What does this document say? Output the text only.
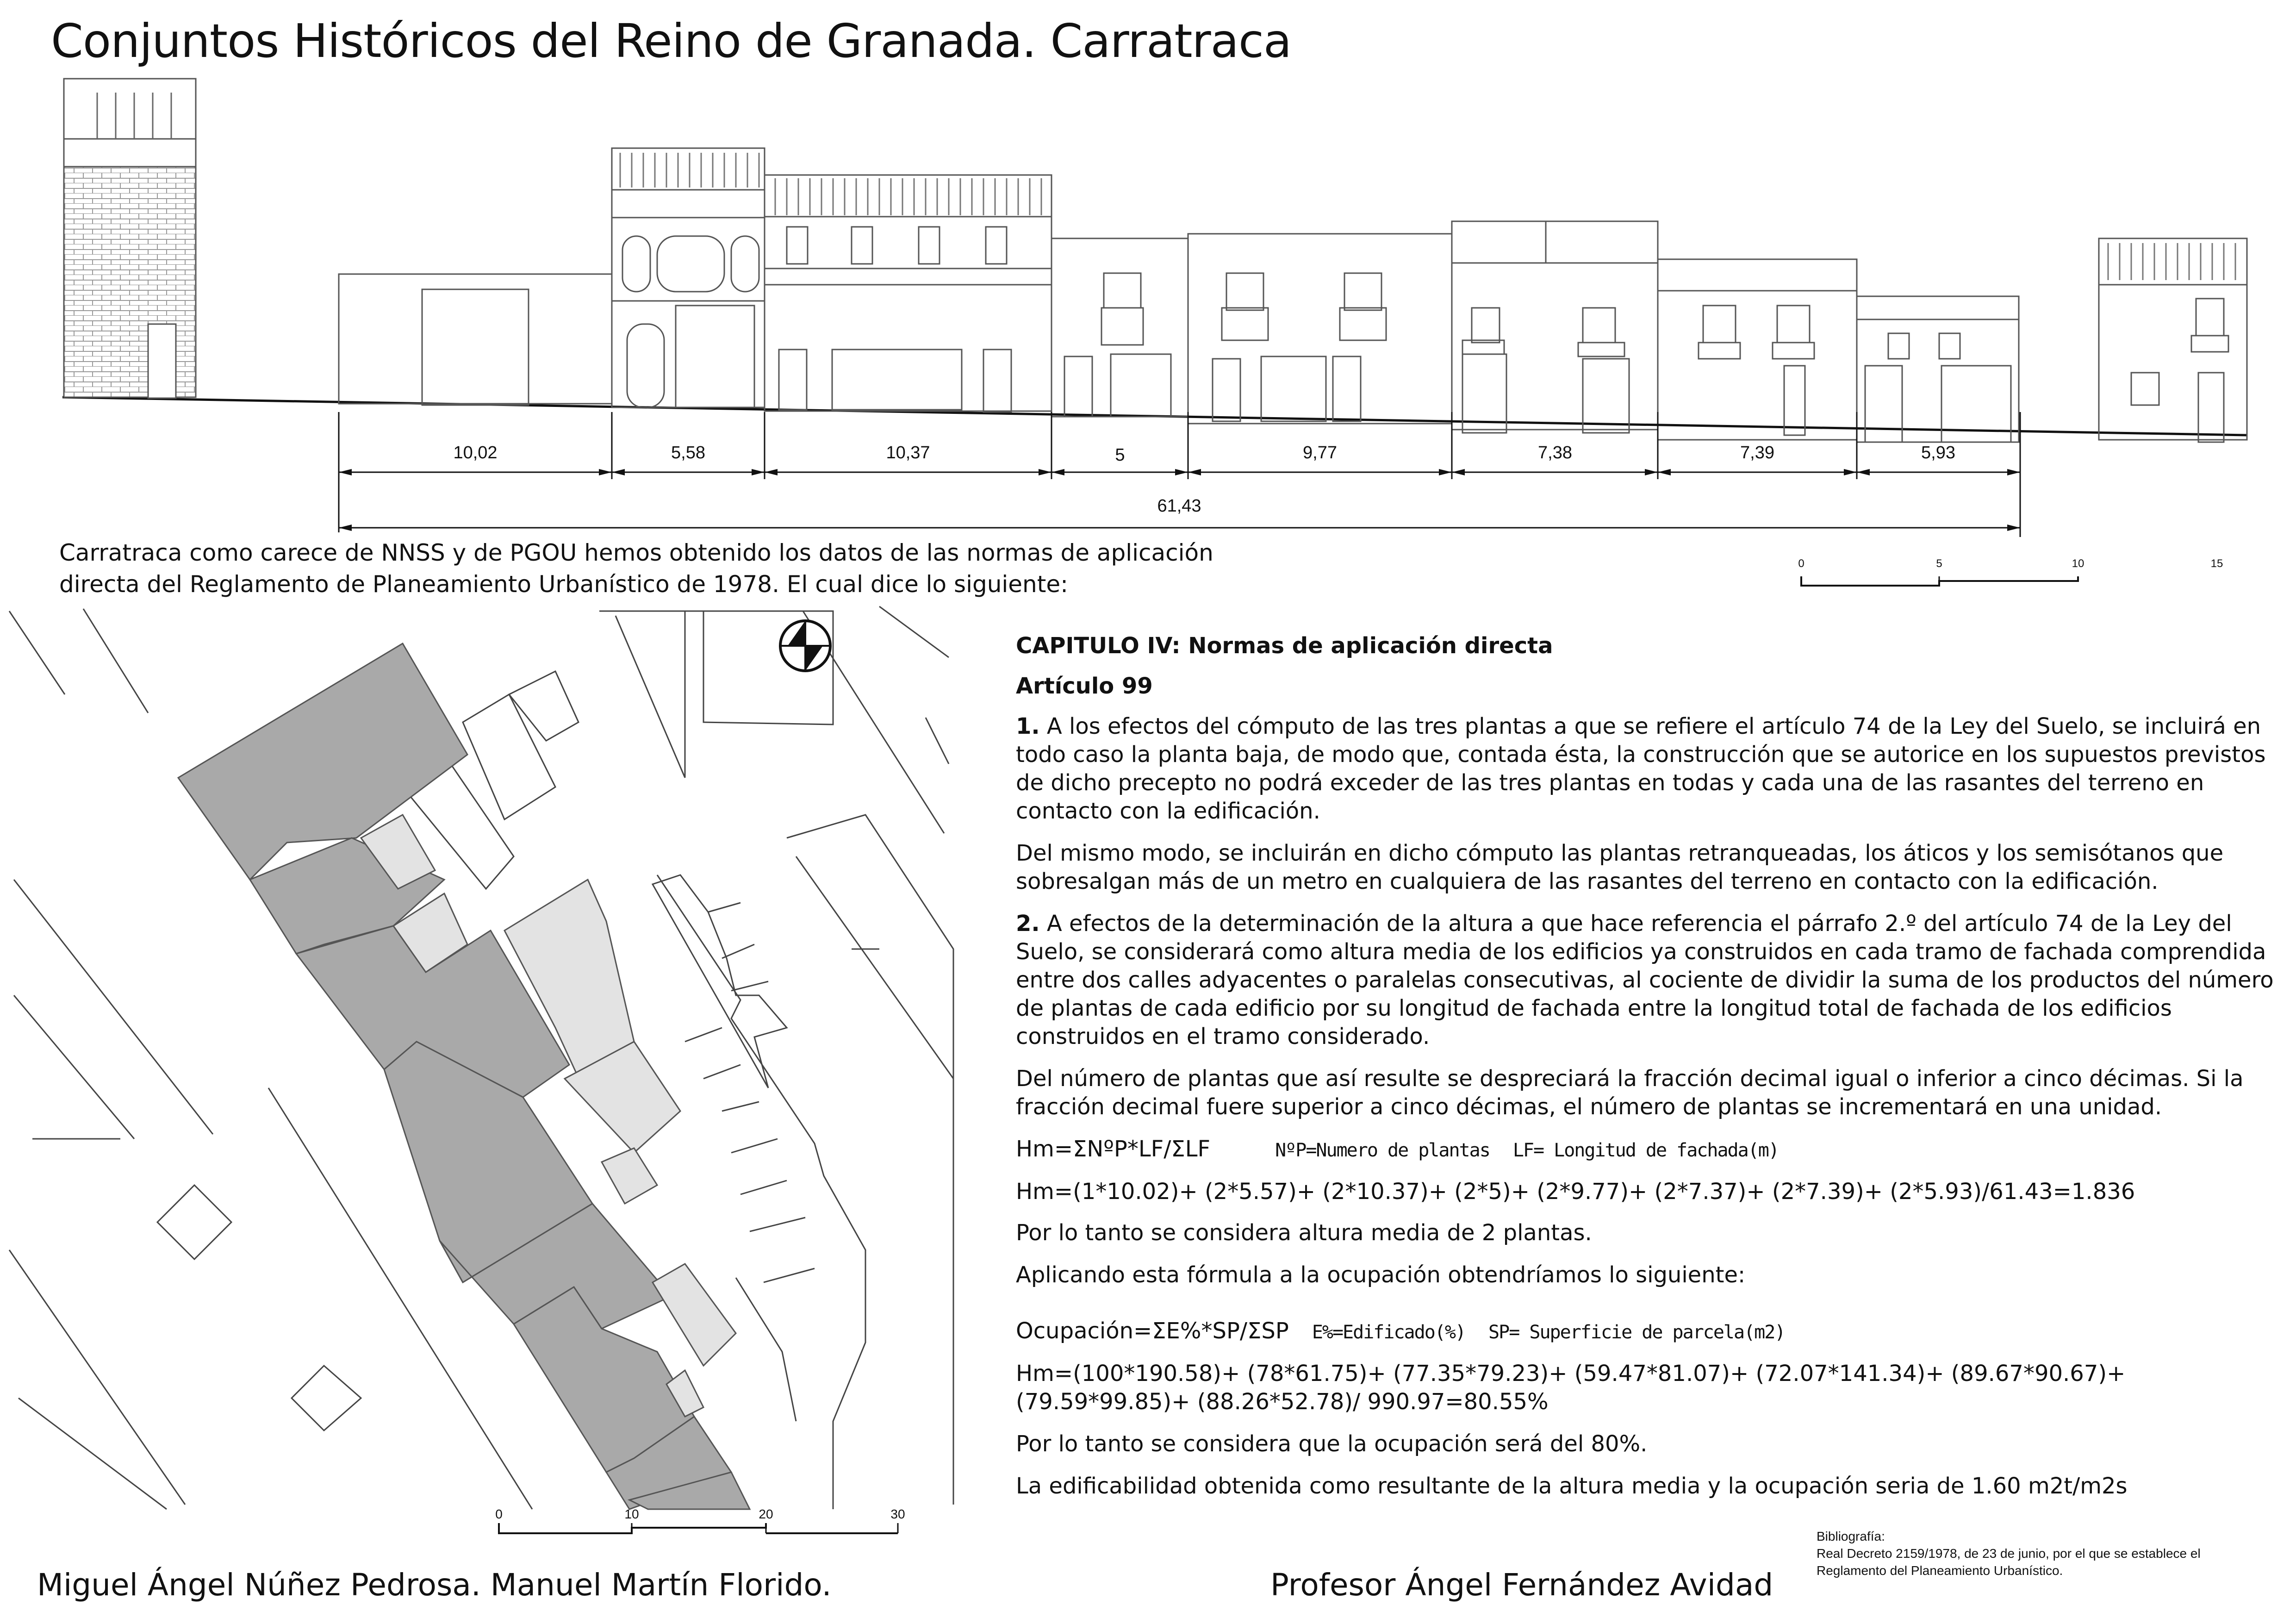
Conjuntos Históricos del Reino de Granada. Carratraca
10,02	5,58	10,37	5	9,77	7,38	7,39	5,93
61,43
0	5	10	15
Carratraca como carece de NNSS y de PGOU hemos obtenido los datos de las normas de aplicación directa del Reglamento de Planeamiento Urbanístico de 1978. El cual dice lo siguiente:
0	10	20	30

CAPITULO IV: Normas de aplicación directa

Artículo 99

1. A los efectos del cómputo de las tres plantas a que se refiere el artículo 74 de la Ley del Suelo, se incluirá en todo caso la planta baja, de modo que, contada ésta, la construcción que se autorice en los supuestos previstos de dicho precepto no podrá exceder de las tres plantas en todas y cada una de las rasantes del terreno en contacto con la edificación.

Del mismo modo, se incluirán en dicho cómputo las plantas retranqueadas, los áticos y los semisótanos que sobresalgan más de un metro en cualquiera de las rasantes del terreno en contacto con la edificación.

2. A efectos de la determinación de la altura a que hace referencia el párrafo 2.º del artículo 74 de la Ley del Suelo, se considerará como altura media de los edificios ya construidos en cada tramo de fachada comprendida entre dos calles adyacentes o paralelas consecutivas, al cociente de dividir la suma de los productos del número de plantas de cada edificio por su longitud de fachada entre la longitud total de fachada de los edificios construidos en el tramo considerado.

Del número de plantas que así resulte se despreciará la fracción decimal igual o inferior a cinco décimas. Si la fracción decimal fuere superior a cinco décimas, el número de plantas se incrementará en una unidad.

Hm=ΣNºP*LF/ΣLF	NºP=Numero de plantas LF= Longitud de fachada(m)

Hm=(1*10.02)+ (2*5.57)+ (2*10.37)+ (2*5)+ (2*9.77)+ (2*7.37)+ (2*7.39)+ (2*5.93)/61.43=1.836

Por lo tanto se considera altura media de 2 plantas.

Aplicando esta fórmula a la ocupación obtendríamos lo siguiente:

Ocupación=ΣE%*SP/ΣSP E%=Edificado(%) SP= Superficie de parcela(m2)

Hm=(100*190.58)+ (78*61.75)+ (77.35*79.23)+ (59.47*81.07)+ (72.07*141.34)+ (89.67*90.67)+ (79.59*99.85)+ (88.26*52.78)/ 990.97=80.55%

Por lo tanto se considera que la ocupación será del 80%.

La edificabilidad obtenida como resultante de la altura media y la ocupación seria de 1.60 m2t/m2s

Bibliografía:
Real Decreto 2159/1978, de 23 de junio, por el que se establece el Reglamento del Planeamiento Urbanístico.
Miguel Ángel Núñez Pedrosa. Manuel Martín Florido.	Profesor Ángel Fernández Avidad
